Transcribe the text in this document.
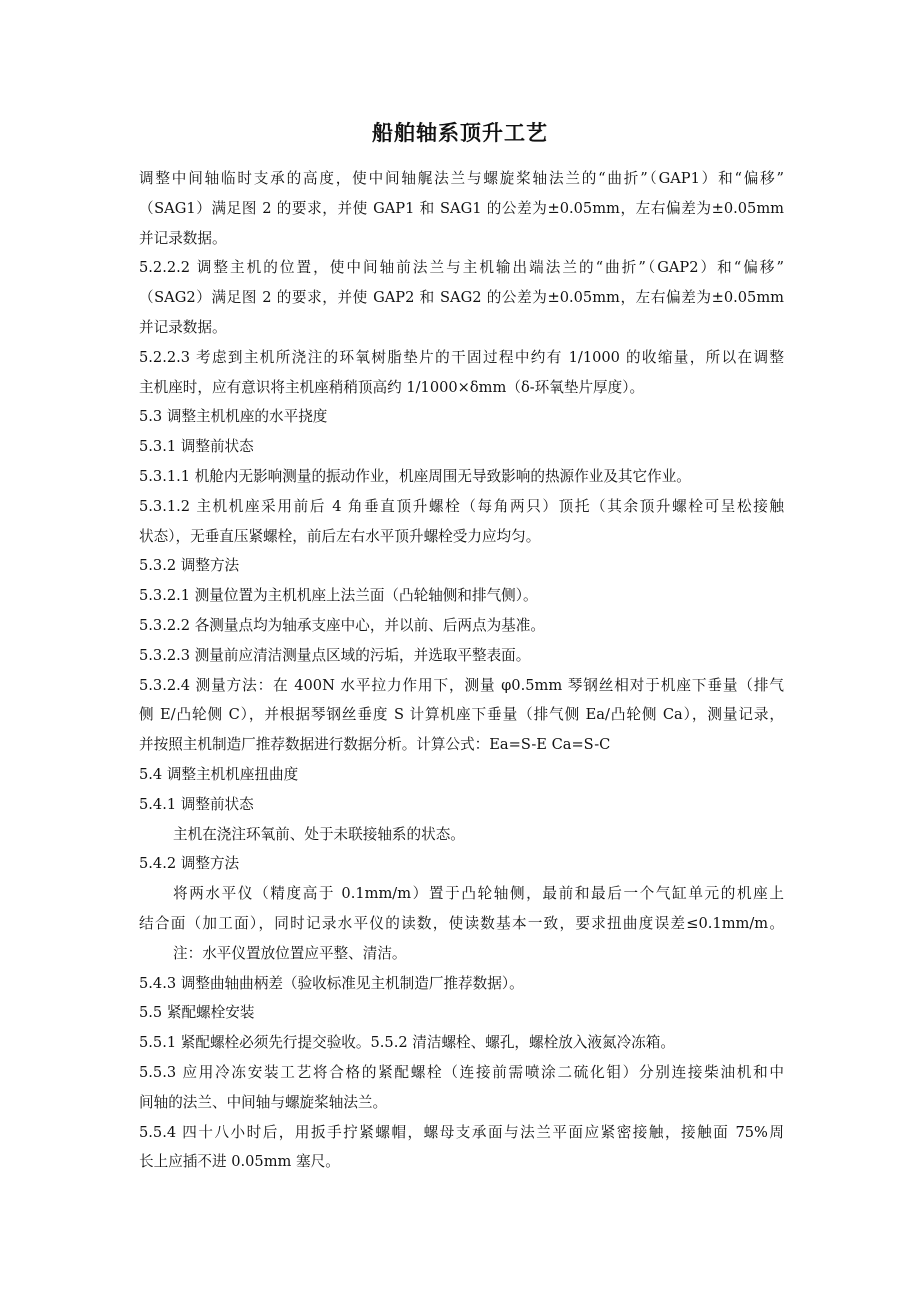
船舶轴系顶升工艺
调整中间轴临时支承的高度，使中间轴艉法兰与螺旋桨轴法兰的“曲折”（GAP1）和“偏移”
（SAG1）满足图 2 的要求，并使 GAP1 和 SAG1 的公差为±0.05mm，左右偏差为±0.05mm
并记录数据。
5.2.2.2 调整主机的位置，使中间轴前法兰与主机输出端法兰的“曲折”（GAP2）和“偏移”
（SAG2）满足图 2 的要求，并使 GAP2 和 SAG2 的公差为±0.05mm，左右偏差为±0.05mm
并记录数据。
5.2.2.3 考虑到主机所浇注的环氧树脂垫片的干固过程中约有 1/1000 的收缩量，所以在调整
主机座时，应有意识将主机座稍稍顶高约 1/1000×δmm（δ-环氧垫片厚度）。
5.3 调整主机机座的水平挠度
5.3.1 调整前状态
5.3.1.1 机舱内无影响测量的振动作业，机座周围无导致影响的热源作业及其它作业。
5.3.1.2 主机机座采用前后 4 角垂直顶升螺栓（每角两只）顶托（其余顶升螺栓可呈松接触
状态），无垂直压紧螺栓，前后左右水平顶升螺栓受力应均匀。
5.3.2 调整方法
5.3.2.1 测量位置为主机机座上法兰面（凸轮轴侧和排气侧）。
5.3.2.2 各测量点均为轴承支座中心，并以前、后两点为基准。
5.3.2.3 测量前应清洁测量点区域的污垢，并选取平整表面。
5.3.2.4 测量方法：在 400N 水平拉力作用下，测量 φ0.5mm 琴钢丝相对于机座下垂量（排气
侧 E/凸轮侧 C），并根据琴钢丝垂度 S 计算机座下垂量（排气侧 Ea/凸轮侧 Ca），测量记录，
并按照主机制造厂推荐数据进行数据分析。计算公式：Ea=S-E Ca=S-C
5.4 调整主机机座扭曲度
5.4.1 调整前状态
主机在浇注环氧前、处于未联接轴系的状态。
5.4.2 调整方法
将两水平仪（精度高于 0.1mm/m）置于凸轮轴侧，最前和最后一个气缸单元的机座上
结合面（加工面），同时记录水平仪的读数，使读数基本一致，要求扭曲度误差≤0.1mm/m。
注：水平仪置放位置应平整、清洁。
5.4.3 调整曲轴曲柄差（验收标准见主机制造厂推荐数据）。
5.5 紧配螺栓安装
5.5.1 紧配螺栓必须先行提交验收。5.5.2 清洁螺栓、螺孔，螺栓放入液氮冷冻箱。
5.5.3 应用冷冻安装工艺将合格的紧配螺栓（连接前需喷涂二硫化钼）分别连接柴油机和中
间轴的法兰、中间轴与螺旋桨轴法兰。
5.5.4 四十八小时后，用扳手拧紧螺帽，螺母支承面与法兰平面应紧密接触，接触面 75%周
长上应插不进 0.05mm 塞尺。
